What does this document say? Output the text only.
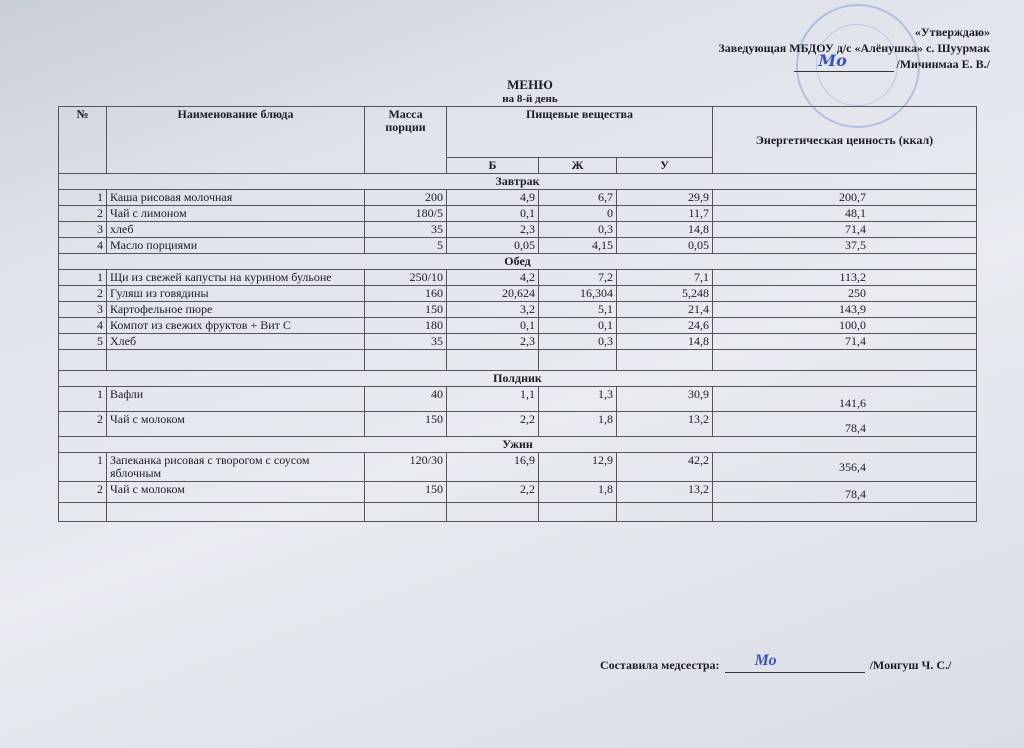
«Утверждаю»
Заведующая МБДОУ д/с «Алёнушка» с. Шуурмак
Мо	/Мичинмаа Е. В./
МЕНЮ
на 8-й день
№	Наименование блюда	Масса порции	Пищевые вещества			Энергетическая ценность (ккал)
			Б	Ж	У	
Завтрак						
1	Каша рисовая молочная	200	4,9	6,7	29,9	200,7
2	Чай с лимоном	180/5	0,1	0	11,7	48,1
3	хлеб	35	2,3	0,3	14,8	71,4
4	Масло порциями	5	0,05	4,15	0,05	37,5
Обед						
1	Щи из свежей капусты на курином бульоне	250/10	4,2	7,2	7,1	113,2
2	Гуляш из говядины	160	20,624	16,304	5,248	250
3	Картофельное пюре	150	3,2	5,1	21,4	143,9
4	Компот из свежих фруктов + Вит С	180	0,1	0,1	24,6	100,0
5	Хлеб	35	2,3	0,3	14,8	71,4

Полдник						
1	Вафли	40	1,1	1,3	30,9	141,6
2	Чай с молоком	150	2,2	1,8	13,2	78,4
Ужин						
1	Запеканка рисовая с творогом с соусом яблочным	120/30	16,9	12,9	42,2	356,4
2	Чай с молоком	150	2,2	1,8	13,2	78,4

Составила медсестра: Мо	/Монгуш Ч. С./
